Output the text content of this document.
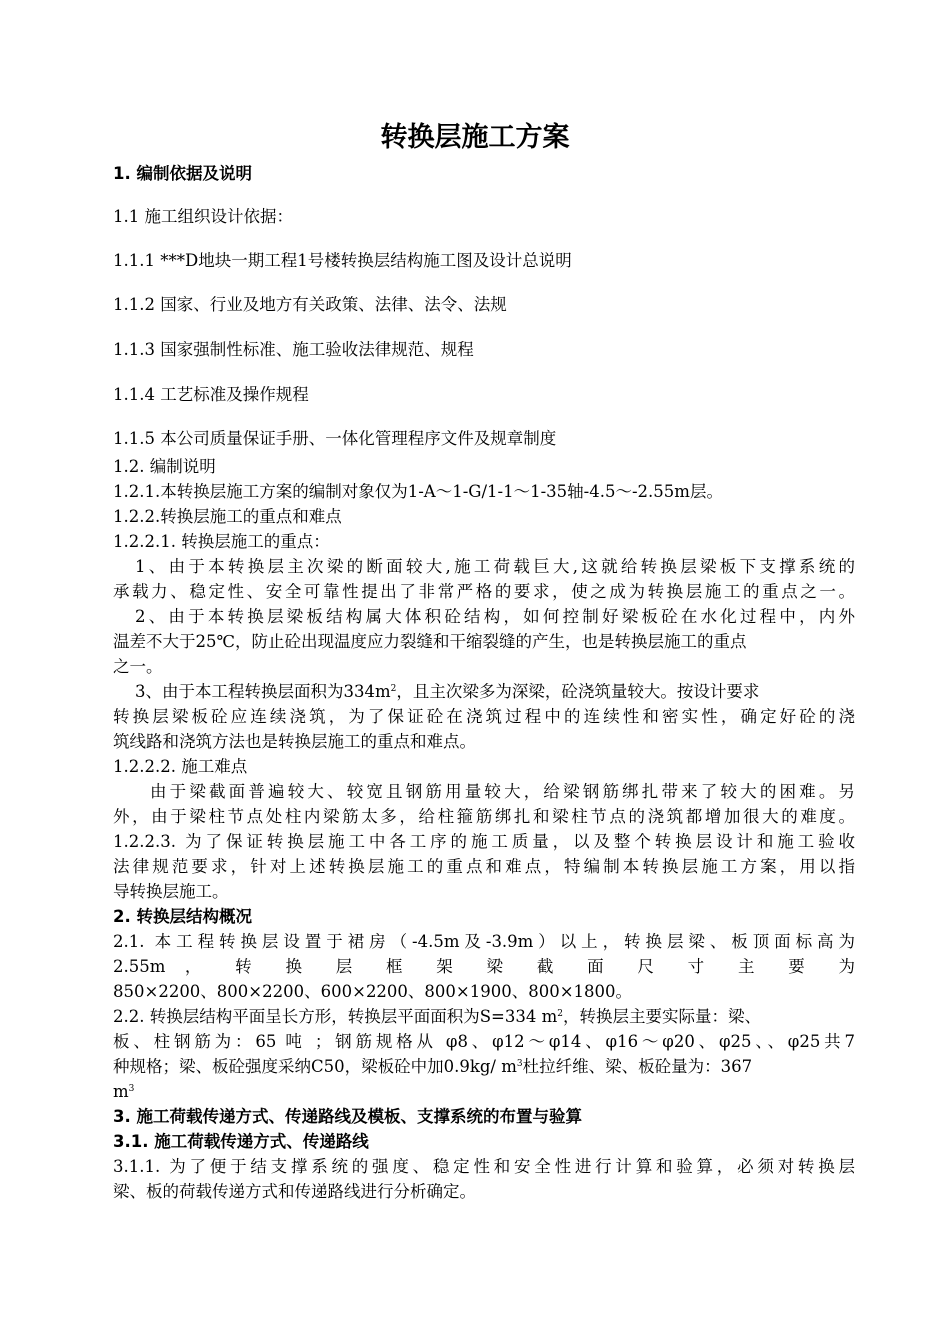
转换层施工方案
1. 编制依据及说明
1.1 施工组织设计依据：
1.1.1 ***D地块一期工程1号楼转换层结构施工图及设计总说明
1.1.2 国家、行业及地方有关政策、法律、法令、法规
1.1.3 国家强制性标准、施工验收法律规范、规程
1.1.4 工艺标准及操作规程
1.1.5 本公司质量保证手册、一体化管理程序文件及规章制度
1.2. 编制说明
1.2.1.本转换层施工方案的编制对象仅为1-A～1-G/1-1～1-35轴-4.5～-2.55m层。
1.2.2.转换层施工的重点和难点
1.2.2.1. 转换层施工的重点：
1、由于本转换层主次梁的断面较大,施工荷载巨大,这就给转换层梁板下支撑系统的
承载力、稳定性、安全可靠性提出了非常严格的要求，使之成为转换层施工的重点之一。
2、由于本转换层梁板结构属大体积砼结构，如何控制好梁板砼在水化过程中，内外
温差不大于25℃，防止砼出现温度应力裂缝和干缩裂缝的产生，也是转换层施工的重点
之一。
3、由于本工程转换层面积为$334m^2$，且主次梁多为深梁，砼浇筑量较大。按设计要求
转换层梁板砼应连续浇筑，为了保证砼在浇筑过程中的连续性和密实性，确定好砼的浇
筑线路和浇筑方法也是转换层施工的重点和难点。
1.2.2.2. 施工难点
由于梁截面普遍较大、较宽且钢筋用量较大，给梁钢筋绑扎带来了较大的困难。另
外，由于梁柱节点处柱内梁筋太多，给柱箍筋绑扎和梁柱节点的浇筑都增加很大的难度。
1.2.2.3. 为了保证转换层施工中各工序的施工质量，以及整个转换层设计和施工验收
法律规范要求，针对上述转换层施工的重点和难点，特编制本转换层施工方案，用以指
导转换层施工。
2. 转换层结构概况
2.1. 本工程转换层设置于裙房（-4.5m及-3.9m）以上，转换层梁、板顶面标高为
2.55m ， 转 换 层 框 架 梁 截 面 尺 寸 主 要 为
850×2200、800×2200、600×2200、800×1900、800×1800。
2.2. 转换层结构平面呈长方形，转换层平面面积为S=334 $m^2$，转换层主要实际量：梁、
板、柱钢筋为：65 吨 ；钢筋规格从 φ8、φ12～φ14、φ16～φ20、φ25、、φ25共7
种规格；梁、板砼强度采纳C50，梁板砼中加0.9kg/ $m^3$杜拉纤维、梁、板砼量为：367
$m^3$
3. 施工荷载传递方式、传递路线及模板、支撑系统的布置与验算
3.1. 施工荷载传递方式、传递路线
3.1.1. 为了便于结支撑系统的强度、稳定性和安全性进行计算和验算，必须对转换层
梁、板的荷载传递方式和传递路线进行分析确定。
